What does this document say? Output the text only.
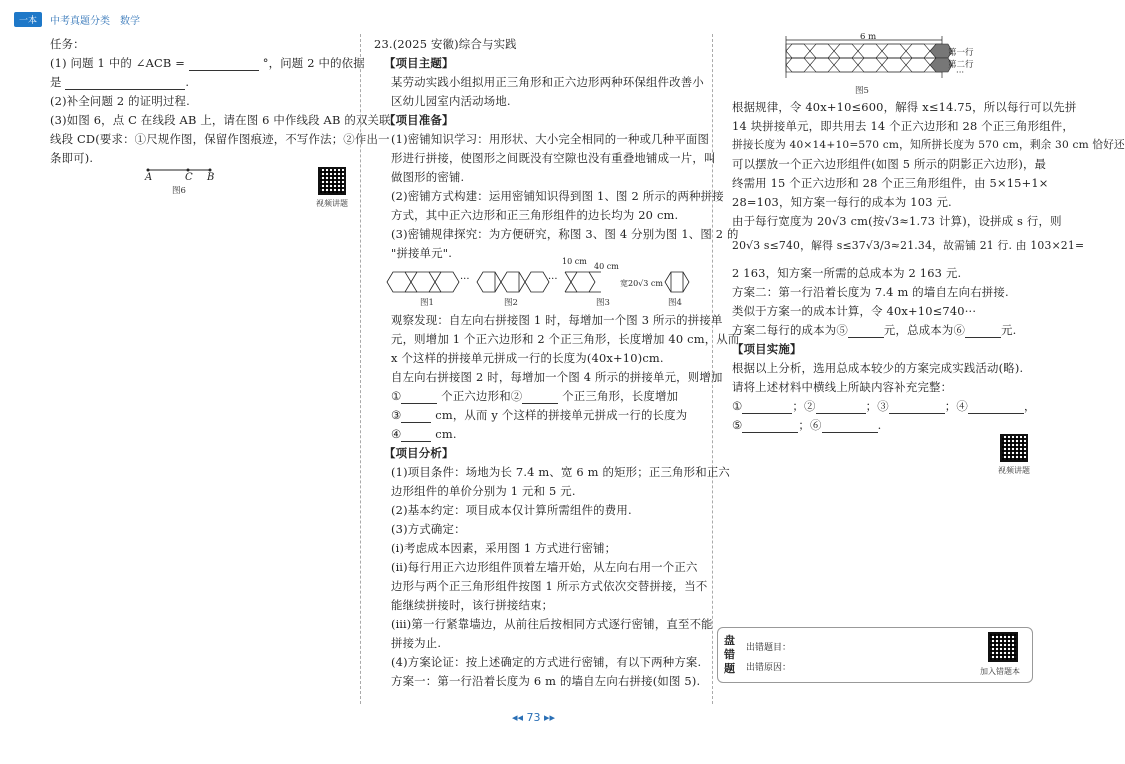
一本	中考真题分类 数学
任务：
(1) 问题 1 中的 ∠ACB =	°，问题 2 中的依据
是	.
(2)补全问题 2 的证明过程.
(3)如图 6，点 C 在线段 AB 上，请在图 6 中作线段 AB 的双关联
线段 CD(要求：①尺规作图，保留作图痕迹，不写作法；②作出一
条即可).
A	C B
图6
视频讲题
23.(2025 安徽)综合与实践
【项目主题】
某劳动实践小组拟用正三角形和正六边形两种环保组件改善小
区幼儿园室内活动场地.
【项目准备】
(1)密铺知识学习：用形状、大小完全相同的一种或几种平面图
形进行拼接，使图形之间既没有空隙也没有重叠地铺成一片，叫
做图形的密铺.
(2)密铺方式构建：运用密铺知识得到图 1、图 2 所示的两种拼接
方式，其中正六边形和正三角形组件的边长均为 20 cm.
(3)密铺规律探究：为方便研究，称图 3、图 4 分别为图 1、图 2 的
"拼接单元".
···	···
10 cm
40 cm
宽20√3 cm
图1	图2	图3	图4
观察发现：自左向右拼接图 1 时，每增加一个图 3 所示的拼接单
元，则增加 1 个正六边形和 2 个正三角形，长度增加 40 cm，从而
x 个这样的拼接单元拼成一行的长度为(40x+10)cm.
自左向右拼接图 2 时，每增加一个图 4 所示的拼接单元，则增加
①	个正六边形和②	个正三角形，长度增加
③	cm，从而 y 个这样的拼接单元拼成一行的长度为
④	cm.
【项目分析】
(1)项目条件：场地为长 7.4 m、宽 6 m 的矩形；正三角形和正六
边形组件的单价分别为 1 元和 5 元.
(2)基本约定：项目成本仅计算所需组件的费用.
(3)方式确定：
(ⅰ)考虑成本因素，采用图 1 方式进行密铺；
(ⅱ)每行用正六边形组件顶着左墙开始，从左向右用一个正六
边形与两个正三角形组件按图 1 所示方式依次交替拼接，当不
能继续拼接时，该行拼接结束；
(ⅲ)第一行紧靠墙边，从前往后按相同方式逐行密铺，直至不能
拼接为止.
(4)方案论证：按上述确定的方式进行密铺，有以下两种方案.
方案一：第一行沿着长度为 6 m 的墙自左向右拼接(如图 5).
6 m
第一行
第二行
···
图5
根据规律，令 40x+10≤600，解得 x≤14.75，所以每行可以先拼
14 块拼接单元，即共用去 14 个正六边形和 28 个正三角形组件，
拼接长度为 40×14+10=570 cm，知所拼长度为 570 cm，剩余 30 cm 恰好还
可以摆放一个正六边形组件(如图 5 所示的阴影正六边形)，最
终需用 15 个正六边形和 28 个正三角形组件，由 5×15+1×
28=103，知方案一每行的成本为 103 元.
由于每行宽度为 20√3 cm(按√3≈1.73 计算)，设拼成 s 行，则
20√3 s≤740，解得 s≤37√3/3≈21.34，故需铺 21 行. 由 103×21=
2 163，知方案一所需的总成本为 2 163 元.
方案二：第一行沿着长度为 7.4 m 的墙自左向右拼接.
类似于方案一的成本计算，令 40x+10≤740···
方案二每行的成本为⑤	元，总成本为⑥	元.
【项目实施】
根据以上分析，选用总成本较少的方案完成实践活动(略).
请将上述材料中横线上所缺内容补充完整：
①	；②	；③	；④	，
⑤	；⑥	.
视频讲题
盘错题
出错题目：
出错原因：	加入错题本
◂◂ 73 ▸▸
